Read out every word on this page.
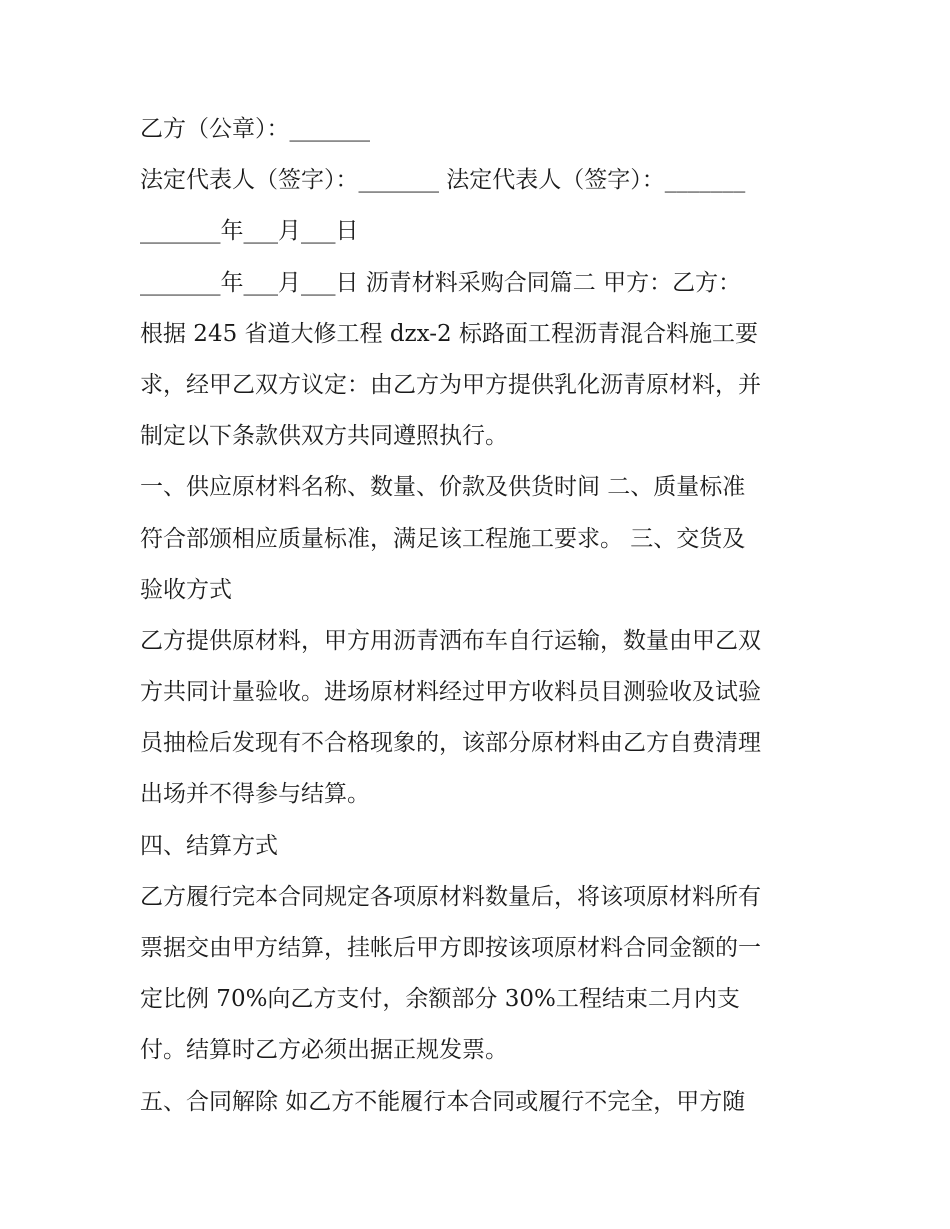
乙方（公章）：_______
法定代表人（签字）：_______ 法定代表人（签字）：_______
_______年___月___日
_______年___月___日 沥青材料采购合同篇二 甲方：乙方：
根据 245 省道大修工程 dzx-2 标路面工程沥青混合料施工要
求，经甲乙双方议定：由乙方为甲方提供乳化沥青原材料，并
制定以下条款供双方共同遵照执行。
一、供应原材料名称、数量、价款及供货时间 二、质量标准
符合部颁相应质量标准，满足该工程施工要求。 三、交货及
验收方式
乙方提供原材料，甲方用沥青洒布车自行运输，数量由甲乙双
方共同计量验收。进场原材料经过甲方收料员目测验收及试验
员抽检后发现有不合格现象的，该部分原材料由乙方自费清理
出场并不得参与结算。
四、结算方式
乙方履行完本合同规定各项原材料数量后，将该项原材料所有
票据交由甲方结算，挂帐后甲方即按该项原材料合同金额的一
定比例 70%向乙方支付，余额部分 30%工程结束二月内支
付。结算时乙方必须出据正规发票。
五、合同解除 如乙方不能履行本合同或履行不完全，甲方随
